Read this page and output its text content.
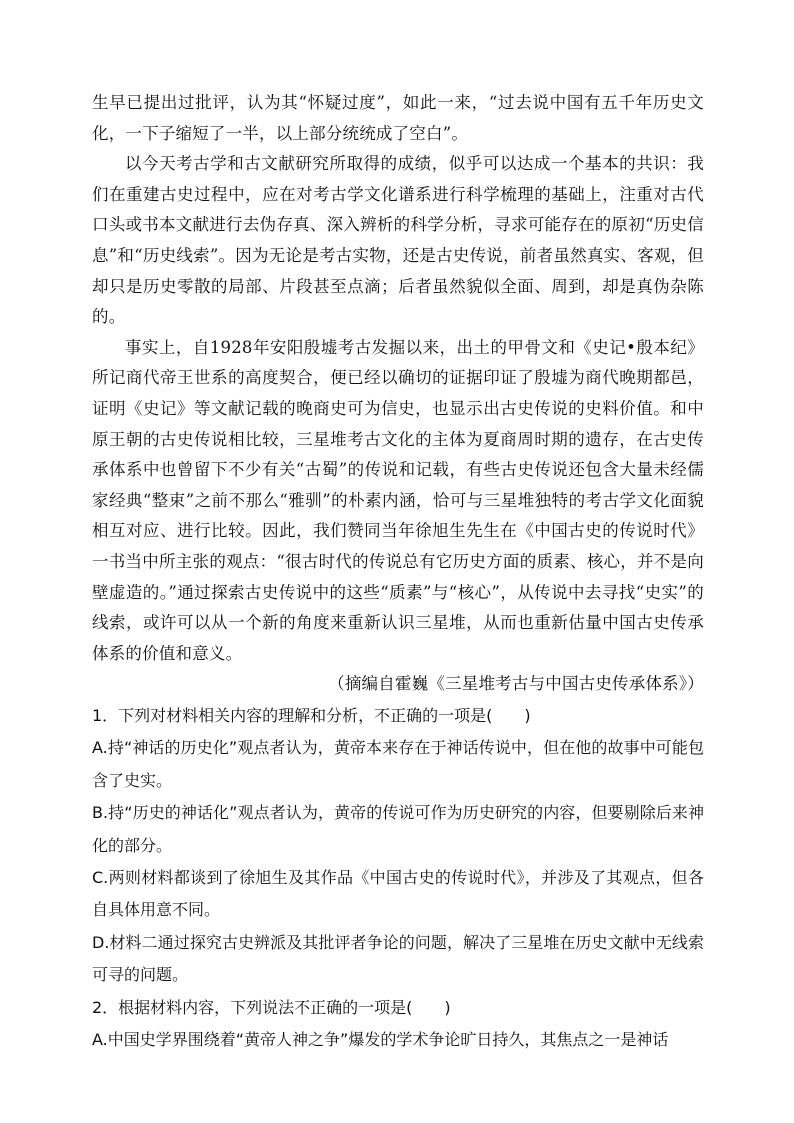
生早已提出过批评，认为其“怀疑过度”，如此一来，“过去说中国有五千年历史文化，一下子缩短了一半，以上部分统统成了空白”。

以今天考古学和古文献研究所取得的成绩，似乎可以达成一个基本的共识：我们在重建古史过程中，应在对考古学文化谱系进行科学梳理的基础上，注重对古代口头或书本文献进行去伪存真、深入辨析的科学分析，寻求可能存在的原初“历史信息”和“历史线索”。因为无论是考古实物，还是古史传说，前者虽然真实、客观，但却只是历史零散的局部、片段甚至点滴；后者虽然貌似全面、周到，却是真伪杂陈的。

事实上，自1928年安阳殷墟考古发掘以来，出土的甲骨文和《史记•殷本纪》所记商代帝王世系的高度契合，便已经以确切的证据印证了殷墟为商代晚期都邑，证明《史记》等文献记载的晚商史可为信史，也显示出古史传说的史料价值。和中原王朝的古史传说相比较，三星堆考古文化的主体为夏商周时期的遗存，在古史传承体系中也曾留下不少有关“古蜀”的传说和记载，有些古史传说还包含大量未经儒家经典“整束”之前不那么“雅驯”的朴素内涵，恰可与三星堆独特的考古学文化面貌相互对应、进行比较。因此，我们赞同当年徐旭生先生在《中国古史的传说时代》一书当中所主张的观点：“很古时代的传说总有它历史方面的质素、核心，并不是向壁虚造的。”通过探索古史传说中的这些“质素”与“核心”，从传说中去寻找“史实”的线索，或许可以从一个新的角度来重新认识三星堆，从而也重新估量中国古史传承体系的价值和意义。

（摘编自霍巍《三星堆考古与中国古史传承体系》）

1．下列对材料相关内容的理解和分析，不正确的一项是(　　)

A.持“神话的历史化”观点者认为，黄帝本来存在于神话传说中，但在他的故事中可能包含了史实。

B.持“历史的神话化”观点者认为，黄帝的传说可作为历史研究的内容，但要剔除后来神化的部分。

C.两则材料都谈到了徐旭生及其作品《中国古史的传说时代》，并涉及了其观点，但各自具体用意不同。

D.材料二通过探究古史辨派及其批评者争论的问题，解决了三星堆在历史文献中无线索可寻的问题。

2．根据材料内容，下列说法不正确的一项是(　　)

A.中国史学界围绕着“黄帝人神之争”爆发的学术争论旷日持久，其焦点之一是神话
